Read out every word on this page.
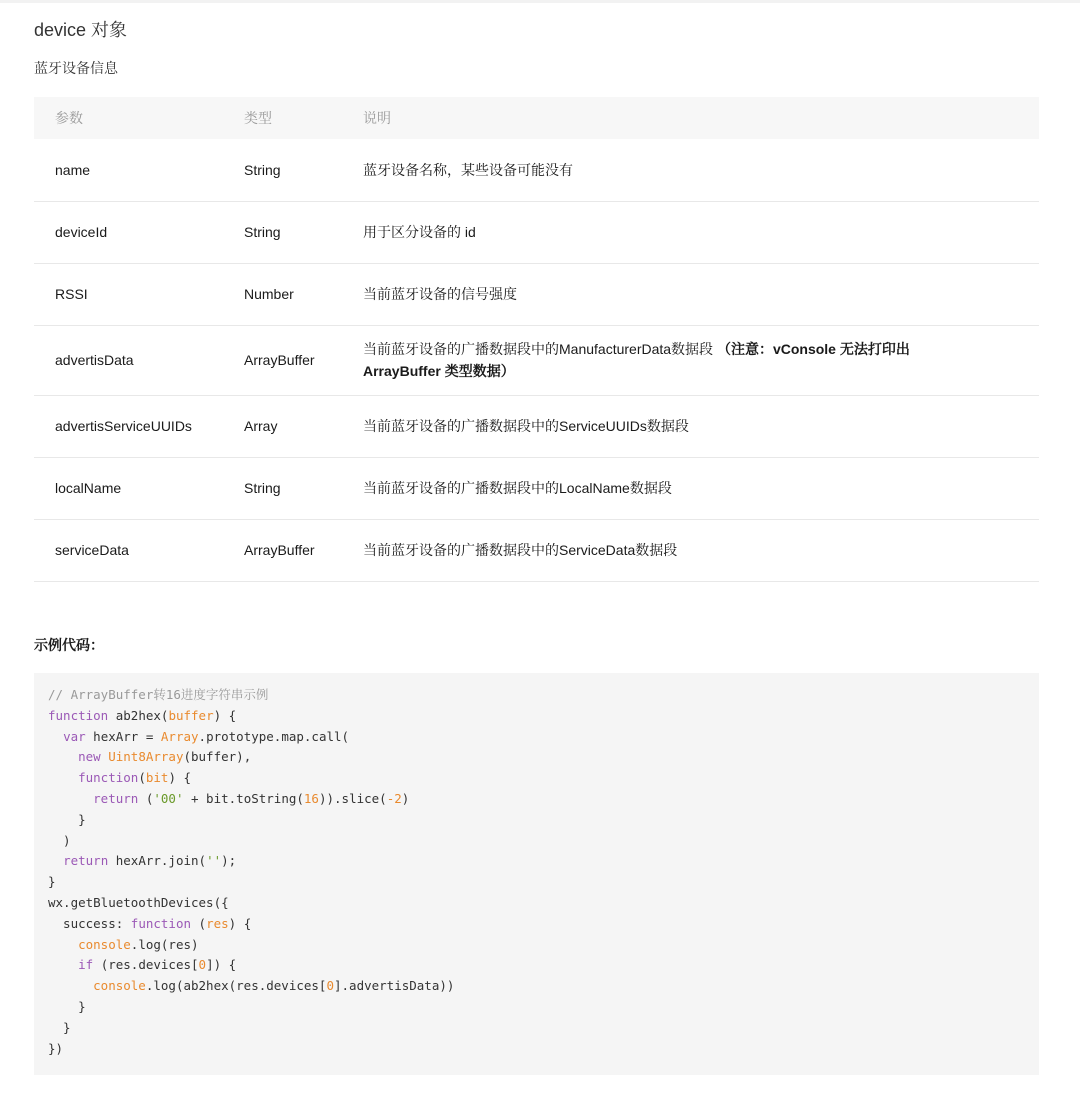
device 对象
蓝牙设备信息
参数	类型	说明
name	String	蓝牙设备名称，某些设备可能没有
deviceId	String	用于区分设备的 id
RSSI	Number	当前蓝牙设备的信号强度
advertisData	ArrayBuffer	当前蓝牙设备的广播数据段中的ManufacturerData数据段 （注意：vConsole 无法打印出 ArrayBuffer 类型数据）
advertisServiceUUIDs	Array	当前蓝牙设备的广播数据段中的ServiceUUIDs数据段
localName	String	当前蓝牙设备的广播数据段中的LocalName数据段
serviceData	ArrayBuffer	当前蓝牙设备的广播数据段中的ServiceData数据段
示例代码：
// ArrayBuffer转16进度字符串示例
function ab2hex(buffer) {
var hexArr = Array.prototype.map.call(
new Uint8Array(buffer),
function(bit) {
return ('00' + bit.toString(16)).slice(-2)
}
)
return hexArr.join('');
}
wx.getBluetoothDevices({
success: function (res) {
console.log(res)
if (res.devices[0]) {
console.log(ab2hex(res.devices[0].advertisData))
}
}
})
